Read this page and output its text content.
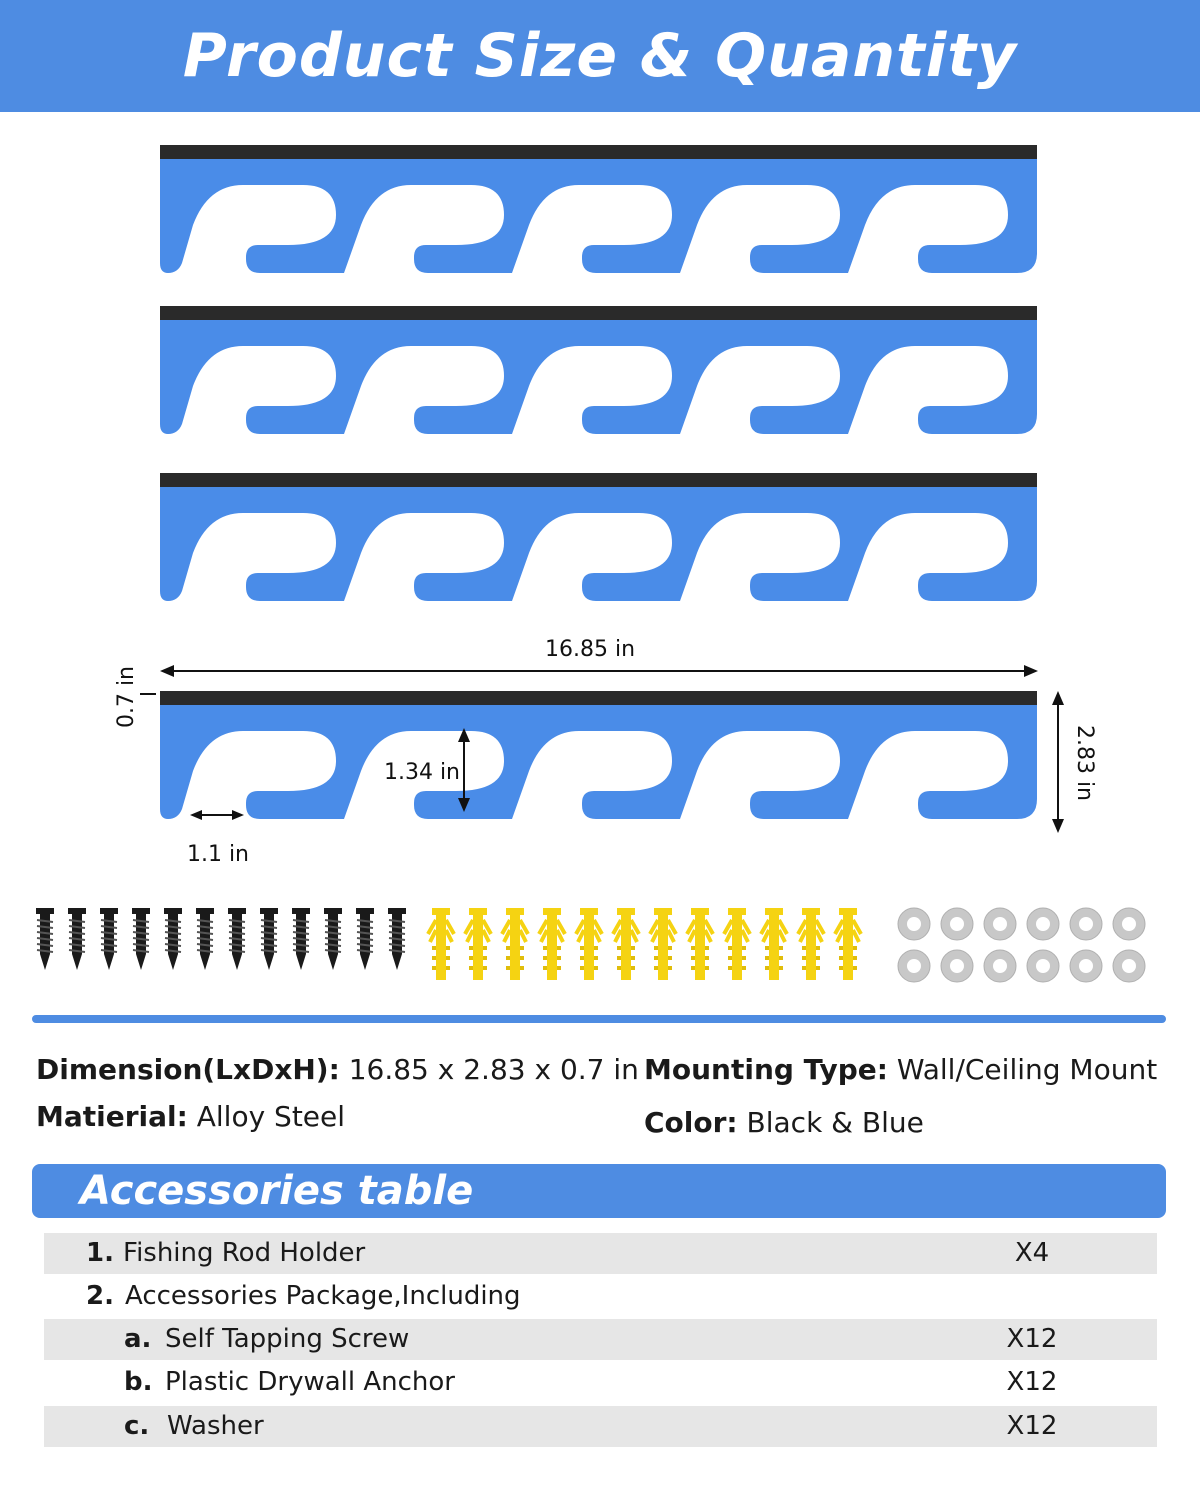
Product Size & Quantity
16.85 in
0.7 in
2.83 in
1.34 in
1.1 in
Dimension(LxDxH): 16.85 x 2.83 x 0.7 in
Matierial: Alloy Steel
Mounting Type: Wall/Ceiling Mount
Color: Black & Blue
Accessories table
1. Fishing Rod Holder	X4
2. Accessories Package,Including
a. Self Tapping Screw	X12
b. Plastic Drywall Anchor	X12
c. Washer	X12
